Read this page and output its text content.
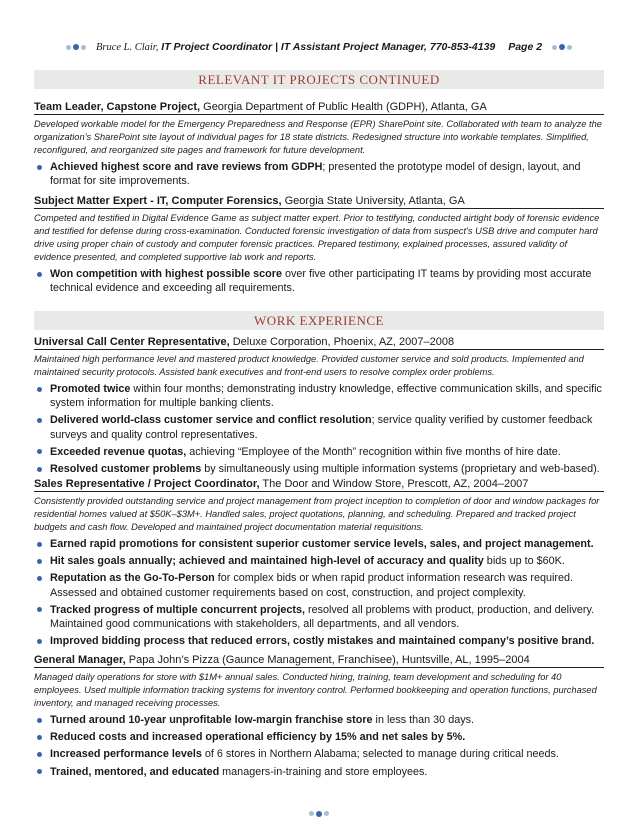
Bruce L. Clair, IT Project Coordinator | IT Assistant Project Manager, 770-853-4139 Page 2
RELEVANT IT PROJECTS CONTINUED
Team Leader, Capstone Project, Georgia Department of Public Health (GDPH), Atlanta, GA
Developed workable model for the Emergency Preparedness and Response (EPR) SharePoint site. Collaborated with team to analyze the organization’s SharePoint site layout of individual pages for 18 state districts. Redesigned structure into workable templates. Simplified, reconfigured, and reorganized site pages and framework for future development.
Achieved highest score and rave reviews from GDPH; presented the prototype model of design, layout, and format for site improvements.
Subject Matter Expert - IT, Computer Forensics, Georgia State University, Atlanta, GA
Competed and testified in Digital Evidence Game as subject matter expert. Prior to testifying, conducted airtight body of forensic evidence and testified for defense during cross-examination. Conducted forensic investigation of data from suspect’s USB drive and computer hard drive using proper chain of custody and computer forensic practices. Prepared testimony, explained processes, assured validity of evidence presented, and completed supportive lab work and reports.
Won competition with highest possible score over five other participating IT teams by providing most accurate technical evidence and exceeding all requirements.
WORK EXPERIENCE
Universal Call Center Representative, Deluxe Corporation, Phoenix, AZ, 2007–2008
Maintained high performance level and mastered product knowledge. Provided customer service and sold products. Implemented and maintained security protocols. Assisted bank executives and front-end users to resolve complex order problems.
Promoted twice within four months; demonstrating industry knowledge, effective communication skills, and specific system information for multiple banking clients.
Delivered world-class customer service and conflict resolution; service quality verified by customer feedback surveys and quality control representatives.
Exceeded revenue quotas, achieving “Employee of the Month” recognition within five months of hire date.
Resolved customer problems by simultaneously using multiple information systems (proprietary and web-based).
Sales Representative / Project Coordinator, The Door and Window Store, Prescott, AZ, 2004–2007
Consistently provided outstanding service and project management from project inception to completion of door and window packages for residential homes valued at $50K–$3M+. Handled sales, project quotations, planning, and scheduling. Prepared and tracked project budgets and cash flow. Developed and maintained project documentation material requisitions.
Earned rapid promotions for consistent superior customer service levels, sales, and project management.
Hit sales goals annually; achieved and maintained high-level of accuracy and quality bids up to $60K.
Reputation as the Go-To-Person for complex bids or when rapid product information research was required. Assessed and obtained customer requirements based on cost, construction, and project complexity.
Tracked progress of multiple concurrent projects, resolved all problems with product, production, and delivery. Maintained good communications with stakeholders, all departments, and all vendors.
Improved bidding process that reduced errors, costly mistakes and maintained company’s positive brand.
General Manager, Papa John’s Pizza (Gaunce Management, Franchisee), Huntsville, AL, 1995–2004
Managed daily operations for store with $1M+ annual sales. Conducted hiring, training, team development and scheduling for 40 employees. Used multiple information tracking systems for inventory control. Performed bookkeeping and operation functions, purchased inventory, and managed receiving processes.
Turned around 10-year unprofitable low-margin franchise store in less than 30 days.
Reduced costs and increased operational efficiency by 15% and net sales by 5%.
Increased performance levels of 6 stores in Northern Alabama; selected to manage during critical needs.
Trained, mentored, and educated managers-in-training and store employees.
